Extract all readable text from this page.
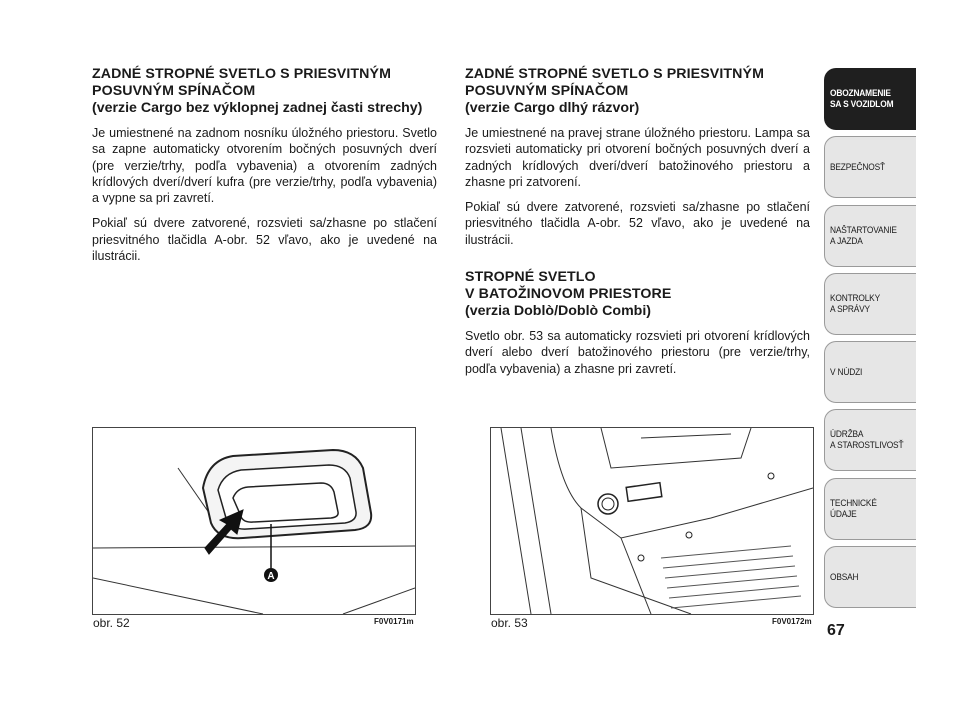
ZADNÉ STROPNÉ SVETLO S PRIESVITNÝM POSUVNÝM SPÍNAČOM
(verzie Cargo bez výklopnej zadnej časti strechy)

Je umiestnené na zadnom nosníku úložného priestoru. Svetlo sa zapne automaticky otvorením bočných posuvných dverí (pre verzie/trhy, podľa vybavenia) a otvorením zadných krídlových dverí/dverí kufra (pre verzie/trhy, podľa vybavenia) a vypne sa pri zavretí.

Pokiaľ sú dvere zatvorené, rozsvieti sa/zhasne po stlačení priesvitného tlačidla A-obr. 52 vľavo, ako je uvedené na ilustrácii.

ZADNÉ STROPNÉ SVETLO S PRIESVITNÝM POSUVNÝM SPÍNAČOM
(verzie Cargo dlhý rázvor)

Je umiestnené na pravej strane úložného priestoru. Lampa sa rozsvieti automaticky pri otvorení bočných posuvných dverí a zadných krídlových dverí/dverí batožinového priestoru a zhasne pri zatvorení.

Pokiaľ sú dvere zatvorené, rozsvieti sa/zhasne po stlačení priesvitného tlačidla A-obr. 52 vľavo, ako je uvedené na ilustrácii.

STROPNÉ SVETLO
V BATOŽINOVOM PRIESTORE
(verzia Doblò/Doblò Combi)

Svetlo obr. 53 sa automaticky rozsvieti pri otvorení krídlových dverí alebo dverí batožinového priestoru (pre verzie/trhy, podľa vybavenia) a zhasne pri zavretí.

A
obr. 52	F0V0171m	obr. 53	F0V0172m
67
OBOZNAMENIE
SA S VOZIDLOM
BEZPEČNOSŤ
NAŠTARTOVANIE
A JAZDA
KONTROLKY
A SPRÁVY
V NÚDZI
ÚDRŽBA
A STAROSTLIVOSŤ
TECHNICKÉ
ÚDAJE
OBSAH
